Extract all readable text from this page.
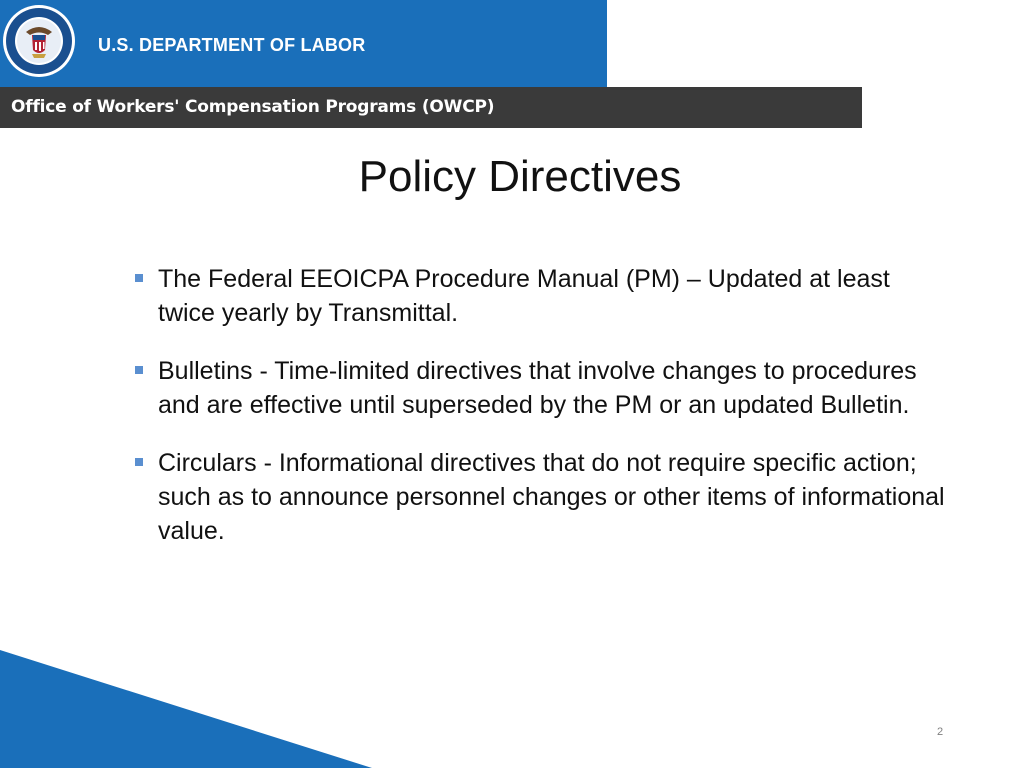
U.S. DEPARTMENT OF LABOR
Office of Workers' Compensation Programs (OWCP)
Policy Directives
The Federal EEOICPA Procedure Manual (PM) – Updated at least twice yearly by Transmittal.
Bulletins - Time-limited directives that involve changes to procedures and are effective until superseded by the PM or an updated Bulletin.
Circulars - Informational directives that do not require specific action; such as to announce personnel changes or other items of informational value.
2
